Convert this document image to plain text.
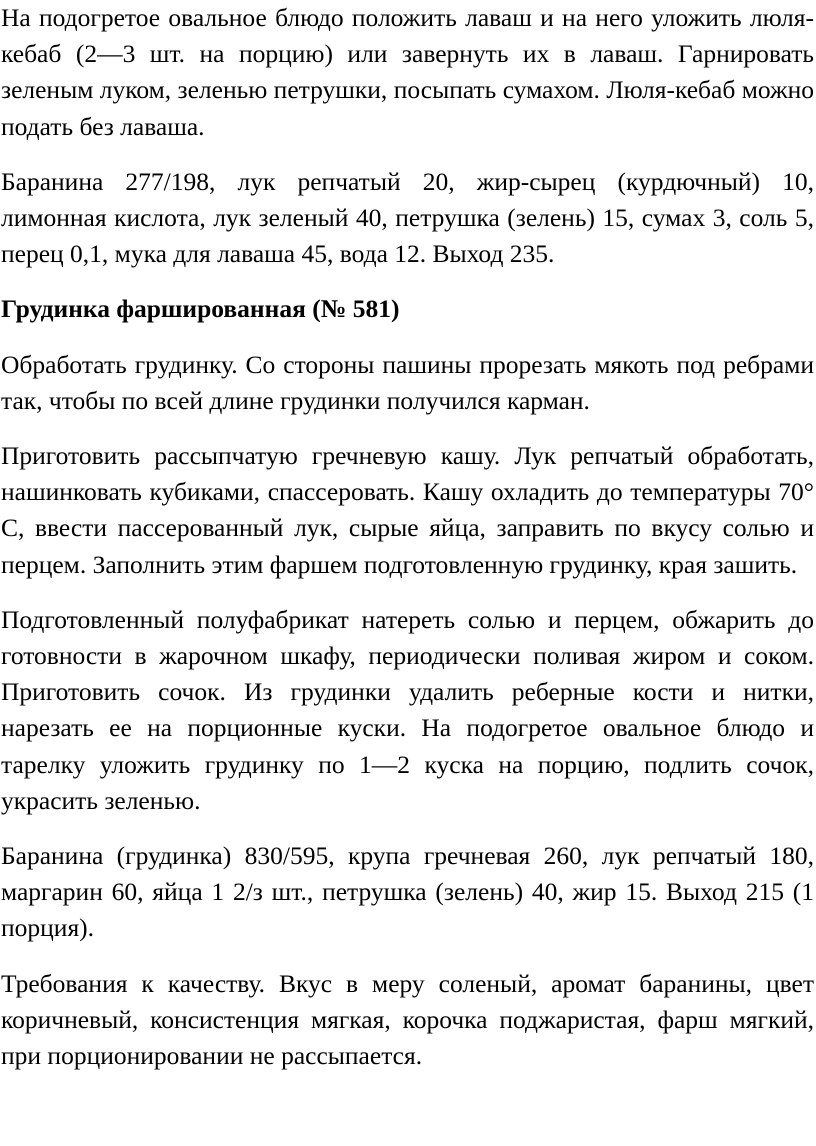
На подогретое овальное блюдо положить лаваш и на него уложить люля-кебаб (2—3 шт. на порцию) или завернуть их в лаваш. Гарнировать зеленым луком, зеленью петрушки, посыпать сумахом. Люля-кебаб можно подать без лаваша.

Баранина 277/198, лук репчатый 20, жир-сырец (курдючный) 10, лимонная кислота, лук зеленый 40, петрушка (зелень) 15, сумах 3, соль 5, перец 0,1, мука для лаваша 45, вода 12. Выход 235.

Грудинка фаршированная (№ 581)

Обработать грудинку. Со стороны пашины прорезать мякоть под ребрами так, чтобы по всей длине грудинки получился карман.

Приготовить рассыпчатую гречневую кашу. Лук репчатый обработать, нашинковать кубиками, спассеровать. Кашу охладить до температуры 70° С, ввести пассерованный лук, сырые яйца, заправить по вкусу солью и перцем. Заполнить этим фаршем подготовленную грудинку, края зашить.

Подготовленный полуфабрикат натереть солью и перцем, обжарить до готовности в жарочном шкафу, периодически поливая жиром и соком. Приготовить сочок. Из грудинки удалить реберные кости и нитки, нарезать ее на порционные куски. На подогретое овальное блюдо и тарелку уложить грудинку по 1—2 куска на порцию, подлить сочок, украсить зеленью.

Баранина (грудинка) 830/595, крупа гречневая 260, лук репчатый 180, маргарин 60, яйца 1 2/з шт., петрушка (зелень) 40, жир 15. Выход 215 (1 порция).

Требования к качеству. Вкус в меру соленый, аромат баранины, цвет коричневый, консистенция мягкая, корочка поджаристая, фарш мягкий, при порционировании не рассыпается.
